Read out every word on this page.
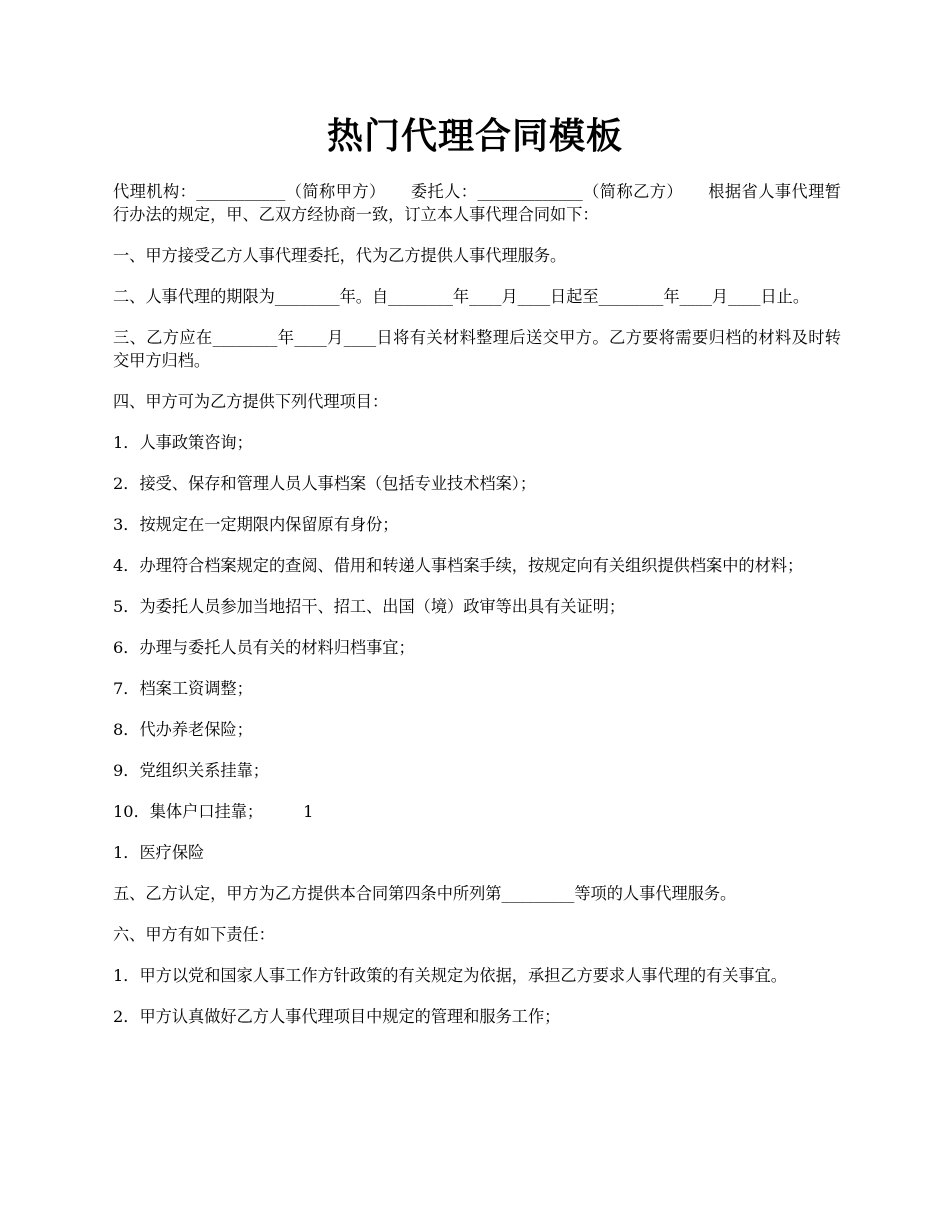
热门代理合同模板

代理机构：___________（简称甲方）　　委托人：_____________（简称乙方）　　根据省人事代理暂行办法的规定，甲、乙双方经协商一致，订立本人事代理合同如下：

一、甲方接受乙方人事代理委托，代为乙方提供人事代理服务。

二、人事代理的期限为________年。自________年____月____日起至________年____月____日止。

三、乙方应在________年____月____日将有关材料整理后送交甲方。乙方要将需要归档的材料及时转交甲方归档。

四、甲方可为乙方提供下列代理项目：

1．人事政策咨询；

2．接受、保存和管理人员人事档案（包括专业技术档案）；

3．按规定在一定期限内保留原有身份；

4．办理符合档案规定的查阅、借用和转递人事档案手续，按规定向有关组织提供档案中的材料；

5．为委托人员参加当地招干、招工、出国（境）政审等出具有关证明；

6．办理与委托人员有关的材料归档事宜；

7．档案工资调整；

8．代办养老保险；

9．党组织关系挂靠；

10．集体户口挂靠； 1

1．医疗保险

五、乙方认定，甲方为乙方提供本合同第四条中所列第_________等项的人事代理服务。

六、甲方有如下责任：

1．甲方以党和国家人事工作方针政策的有关规定为依据，承担乙方要求人事代理的有关事宜。

2．甲方认真做好乙方人事代理项目中规定的管理和服务工作；
